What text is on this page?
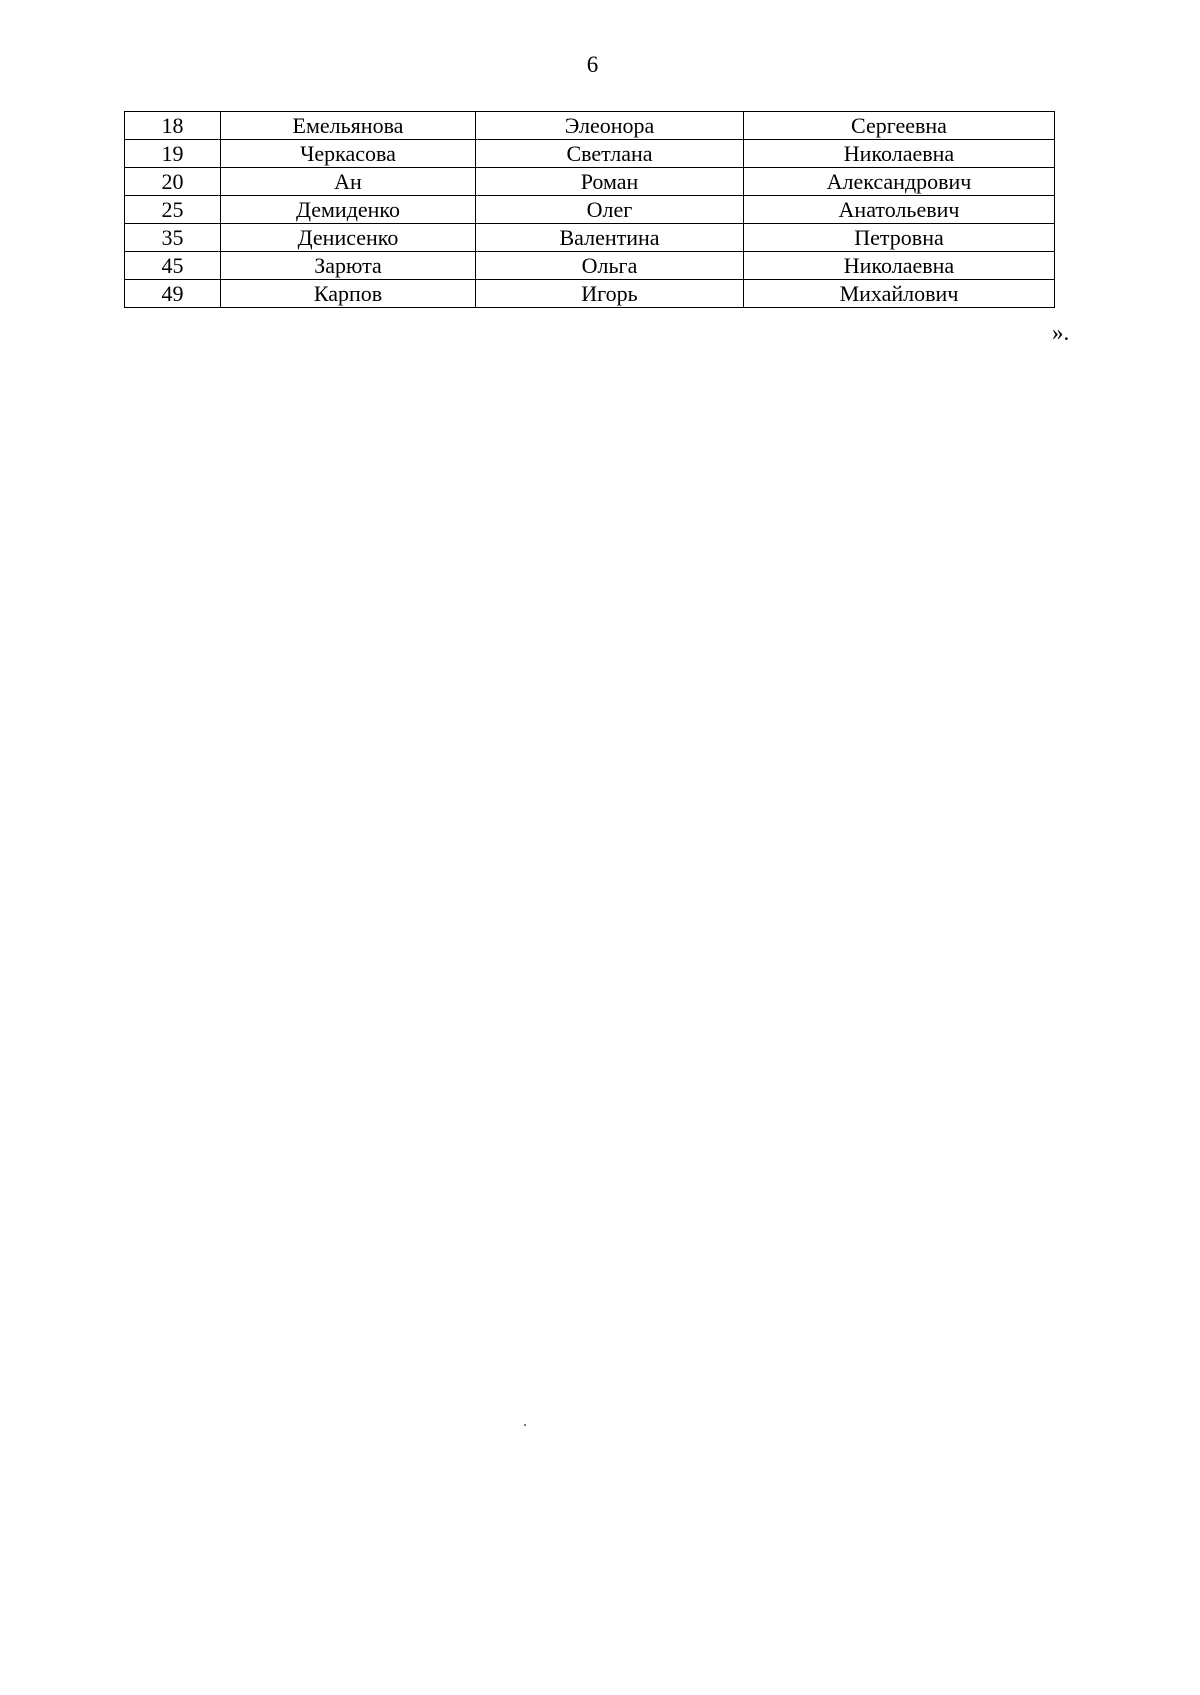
6
18	Емельянова	Элеонора	Сергеевна
19	Черкасова	Светлана	Николаевна
20	Ан	Роман	Александрович
25	Демиденко	Олег	Анатольевич
35	Денисенко	Валентина	Петровна
45	Зарюта	Ольга	Николаевна
49	Карпов	Игорь	Михайлович
».
